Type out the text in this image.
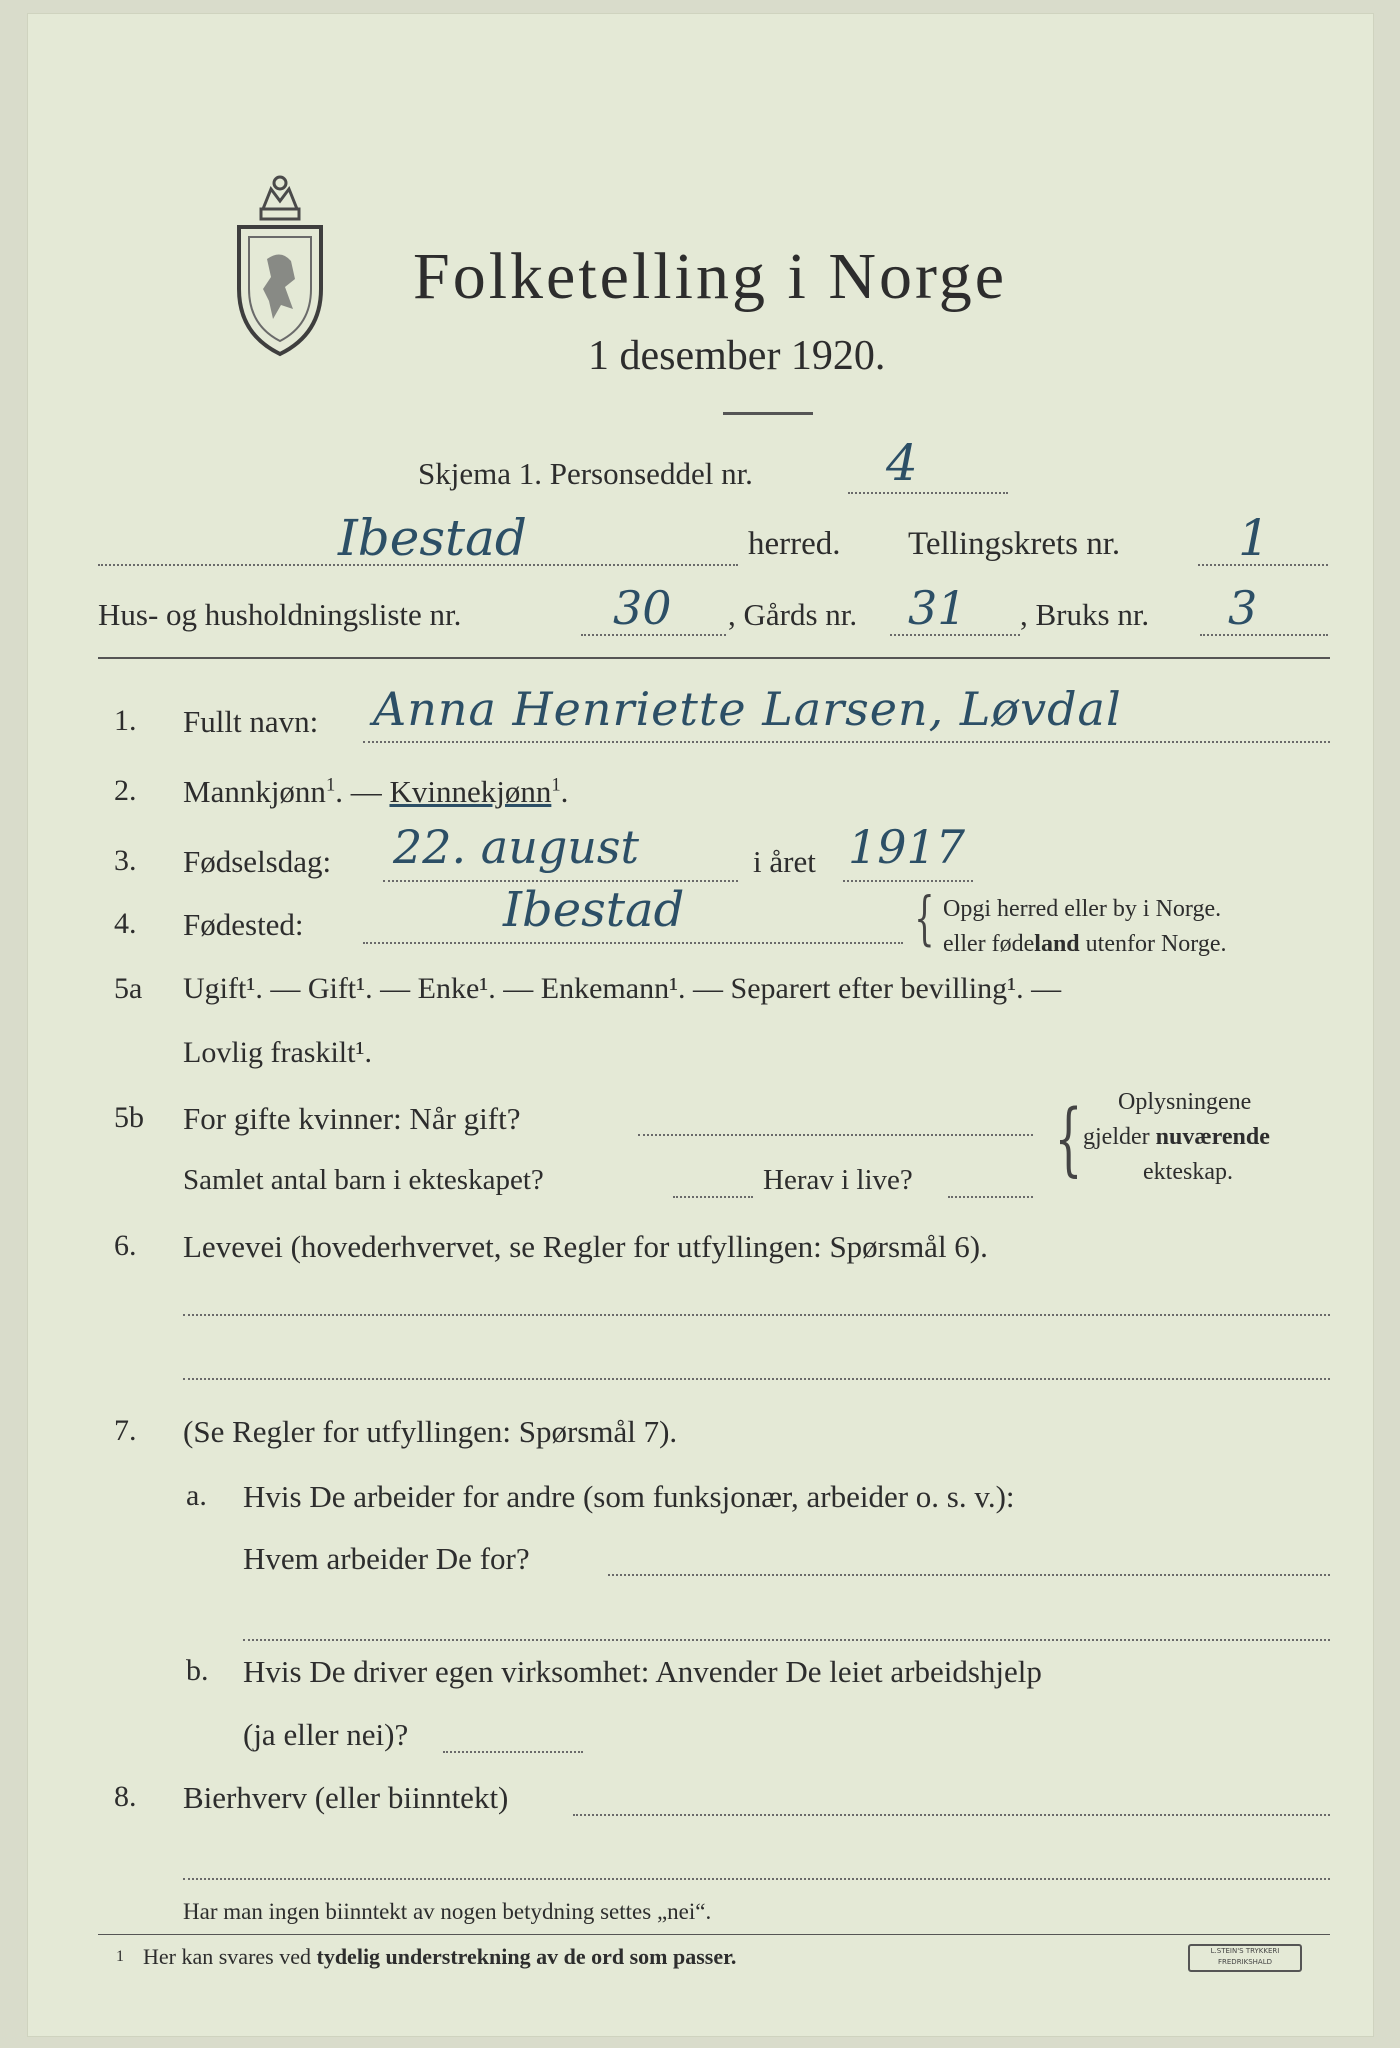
Folketelling i Norge
1 desember 1920.
Skjema 1. Personseddel nr.	4
Ibestad	herred. Tellingskrets nr. 1
Hus- og husholdningsliste nr.	30 , Gårds nr. 31 , Bruks nr. 3
1. Fullt navn: Anna Henriette Larsen, Løvdal
2. Mannkjønn$^1$. — Kvinnekjønn$^1$.
3. Fødselsdag: 22. august	i året 1917
4. Fødested:	Ibestad	{ Opgi herred eller by i Norge.
eller fødeland utenfor Norge.
5a Ugift¹. — Gift¹. — Enke¹. — Enkemann¹. — Separert efter bevilling¹. —
Lovlig fraskilt¹.
5b For gifte kvinner: Når gift?
Samlet antal barn i ekteskapet?	Herav i live? { Oplysningene
gjelder nuværende
ekteskap.
6. Levevei (hovederhvervet, se Regler for utfyllingen: Spørsmål 6).
7. (Se Regler for utfyllingen: Spørsmål 7).
a. Hvis De arbeider for andre (som funksjonær, arbeider o. s. v.):
Hvem arbeider De for?
b. Hvis De driver egen virksomhet: Anvender De leiet arbeidshjelp
(ja eller nei)?
8. Bierhverv (eller biinntekt)
Har man ingen biinntekt av nogen betydning settes „nei“.
1 Her kan svares ved tydelig understrekning av de ord som passer.	L.STEIN'S TRYKKERI
FREDRIKSHALD
